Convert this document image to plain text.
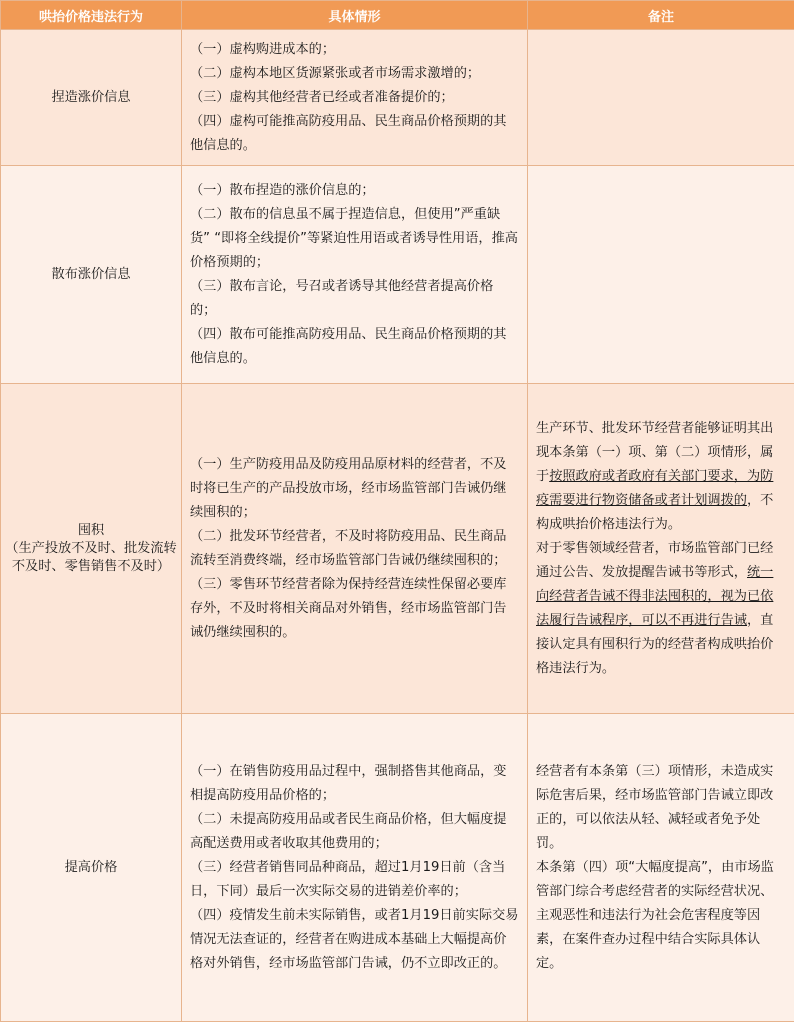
哄抬价格违法行为	具体情形	备注

捏造涨价信息	（一）虚构购进成本的；
（二）虚构本地区货源紧张或者市场需求激增的；
（三）虚构其他经营者已经或者准备提价的；
（四）虚构可能推高防疫用品、民生商品价格预期的其他信息的。	

散布涨价信息	（一）散布捏造的涨价信息的；
（二）散布的信息虽不属于捏造信息，但使用”严重缺货” “即将全线提价”等紧迫性用语或者诱导性用语，推高价格预期的；
（三）散布言论，号召或者诱导其他经营者提高价格的；
（四）散布可能推高防疫用品、民生商品价格预期的其他信息的。	

囤积
（生产投放不及时、批发流转不及时、零售销售不及时）	（一）生产防疫用品及防疫用品原材料的经营者，不及时将已生产的产品投放市场，经市场监管部门告诫仍继续囤积的；
（二）批发环节经营者，不及时将防疫用品、民生商品流转至消费终端，经市场监管部门告诫仍继续囤积的；
（三）零售环节经营者除为保持经营连续性保留必要库存外，不及时将相关商品对外销售，经市场监管部门告诫仍继续囤积的。	生产环节、批发环节经营者能够证明其出现本条第（一）项、第（二）项情形，属于按照政府或者政府有关部门要求，为防疫需要进行物资储备或者计划调拨的，不构成哄抬价格违法行为。
对于零售领域经营者，市场监管部门已经通过公告、发放提醒告诫书等形式，统一向经营者告诫不得非法囤积的，视为已依法履行告诫程序，可以不再进行告诫，直接认定具有囤积行为的经营者构成哄抬价格违法行为。

提高价格	（一）在销售防疫用品过程中，强制搭售其他商品，变相提高防疫用品价格的；
（二）未提高防疫用品或者民生商品价格，但大幅度提高配送费用或者收取其他费用的；
（三）经营者销售同品种商品，超过1月19日前（含当日，下同）最后一次实际交易的进销差价率的；
（四）疫情发生前未实际销售，或者1月19日前实际交易情况无法查证的，经营者在购进成本基础上大幅提高价格对外销售，经市场监管部门告诫，仍不立即改正的。	经营者有本条第（三）项情形，未造成实际危害后果，经市场监管部门告诫立即改正的，可以依法从轻、减轻或者免予处罚。
本条第（四）项“大幅度提高”，由市场监管部门综合考虑经营者的实际经营状况、主观恶性和违法行为社会危害程度等因素，在案件查办过程中结合实际具体认定。
